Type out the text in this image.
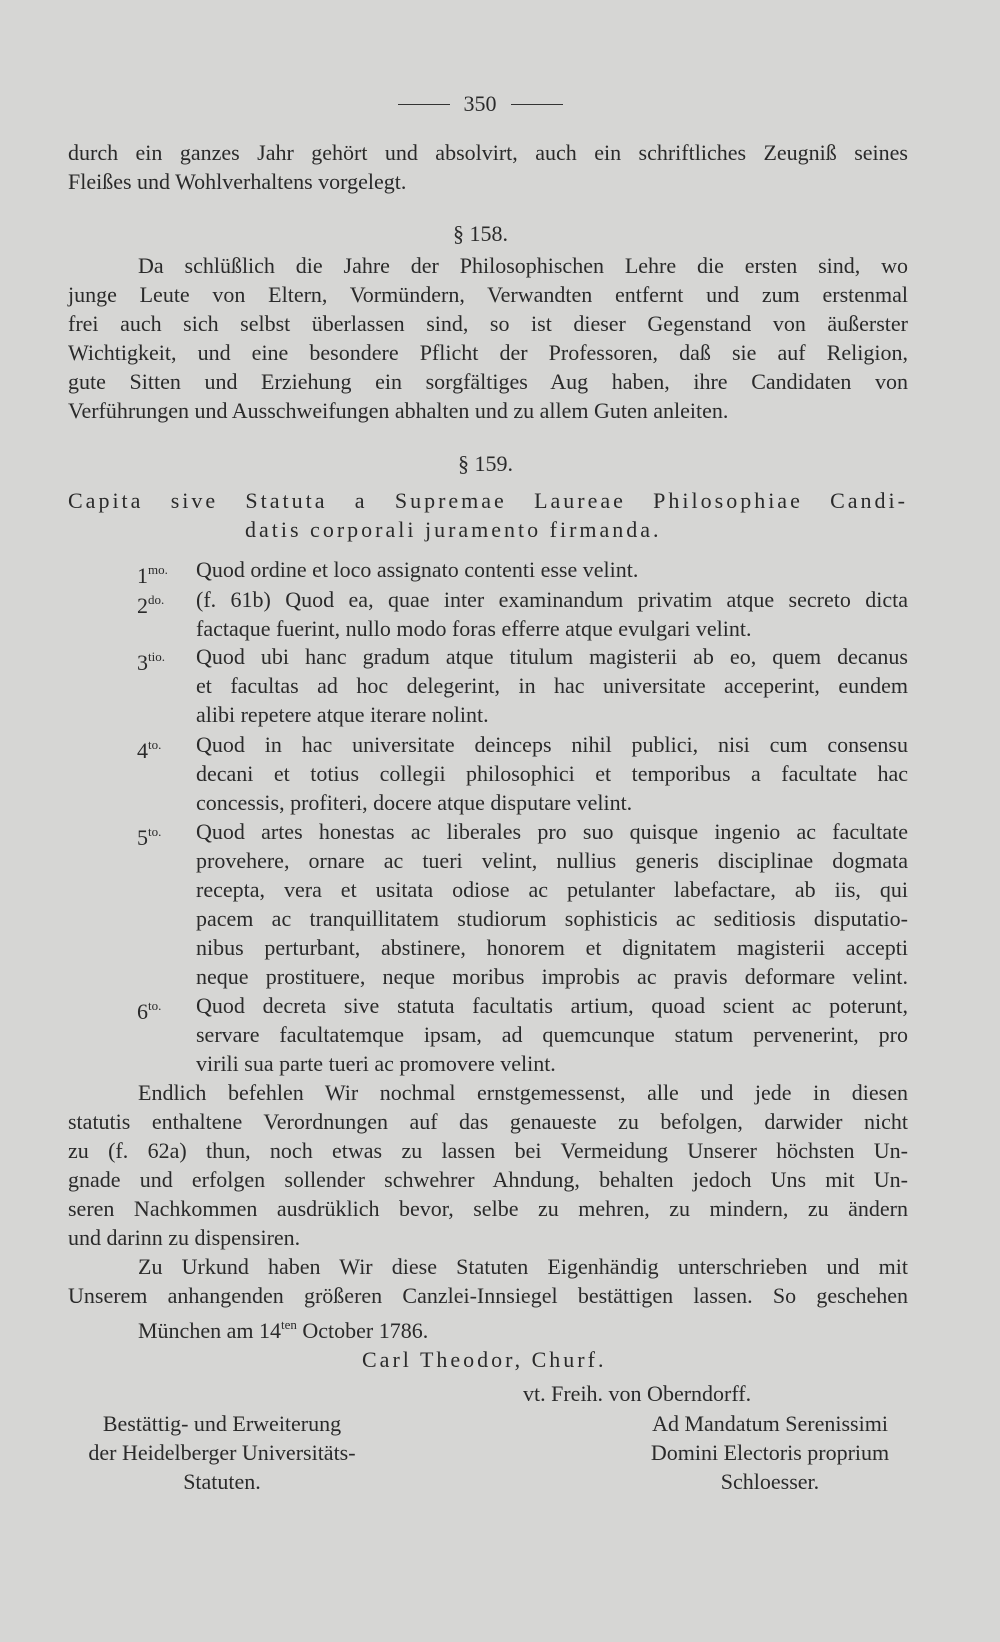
350
durch ein ganzes Jahr gehört und absolvirt, auch ein schriftliches Zeugniß seines
Fleißes und Wohlverhaltens vorgelegt.
§ 158.
Da schlüßlich die Jahre der Philosophischen Lehre die ersten sind, wo
junge Leute von Eltern, Vormündern, Verwandten entfernt und zum erstenmal
frei auch sich selbst überlassen sind, so ist dieser Gegenstand von äußerster
Wichtigkeit, und eine besondere Pflicht der Professoren, daß sie auf Religion,
gute Sitten und Erziehung ein sorgfältiges Aug haben, ihre Candidaten von
Verführungen und Ausschweifungen abhalten und zu allem Guten anleiten.
§ 159.
Capita sive Statuta a Supremae Laureae Philosophiae Candi-
datis corporali juramento firmanda.
$1^{mo.}$ Quod ordine et loco assignato contenti esse velint.
$2^{do.}$ (f. 61b) Quod ea, quae inter examinandum privatim atque secreto dicta
factaque fuerint, nullo modo foras efferre atque evulgari velint.
$3^{tio.}$ Quod ubi hanc gradum atque titulum magisterii ab eo, quem decanus
et facultas ad hoc delegerint, in hac universitate acceperint, eundem
alibi repetere atque iterare nolint.
$4^{to.}$ Quod in hac universitate deinceps nihil publici, nisi cum consensu
decani et totius collegii philosophici et temporibus a facultate hac
concessis, profiteri, docere atque disputare velint.
$5^{to.}$ Quod artes honestas ac liberales pro suo quisque ingenio ac facultate
provehere, ornare ac tueri velint, nullius generis disciplinae dogmata
recepta, vera et usitata odiose ac petulanter labefactare, ab iis, qui
pacem ac tranquillitatem studiorum sophisticis ac seditiosis disputatio-
nibus perturbant, abstinere, honorem et dignitatem magisterii accepti
neque prostituere, neque moribus improbis ac pravis deformare velint.
$6^{to.}$ Quod decreta sive statuta facultatis artium, quoad scient ac poterunt,
servare facultatemque ipsam, ad quemcunque statum pervenerint, pro
virili sua parte tueri ac promovere velint.
Endlich befehlen Wir nochmal ernstgemessenst, alle und jede in diesen
statutis enthaltene Verordnungen auf das genaueste zu befolgen, darwider nicht
zu (f. 62a) thun, noch etwas zu lassen bei Vermeidung Unserer höchsten Un-
gnade und erfolgen sollender schwehrer Ahndung, behalten jedoch Uns mit Un-
seren Nachkommen ausdrüklich bevor, selbe zu mehren, zu mindern, zu ändern
und darinn zu dispensiren.
Zu Urkund haben Wir diese Statuten Eigenhändig unterschrieben und mit
Unserem anhangenden größeren Canzlei-Innsiegel bestättigen lassen. So geschehen
München am $14^{ten}$ October 1786.
Carl Theodor, Churf.
vt. Freih. von Oberndorff.
Bestättig- und Erweiterung
der Heidelberger Universitäts-
Statuten.
Ad Mandatum Serenissimi
Domini Electoris proprium
Schloesser.
